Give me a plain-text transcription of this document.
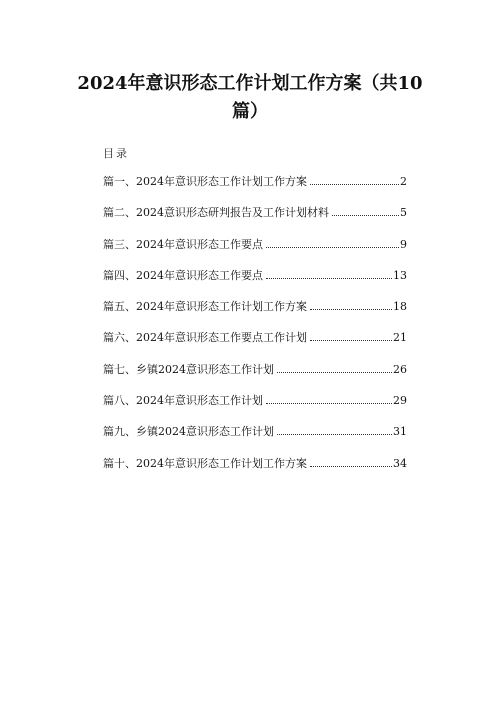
2024年意识形态工作计划工作方案（共10篇）
目录
篇一、2024年意识形态工作计划工作方案	2
篇二、2024意识形态研判报告及工作计划材料	5
篇三、2024年意识形态工作要点	9
篇四、2024年意识形态工作要点	13
篇五、2024年意识形态工作计划工作方案	18
篇六、2024年意识形态工作要点工作计划	21
篇七、乡镇2024意识形态工作计划	26
篇八、2024年意识形态工作计划	29
篇九、乡镇2024意识形态工作计划	31
篇十、2024年意识形态工作计划工作方案	34
